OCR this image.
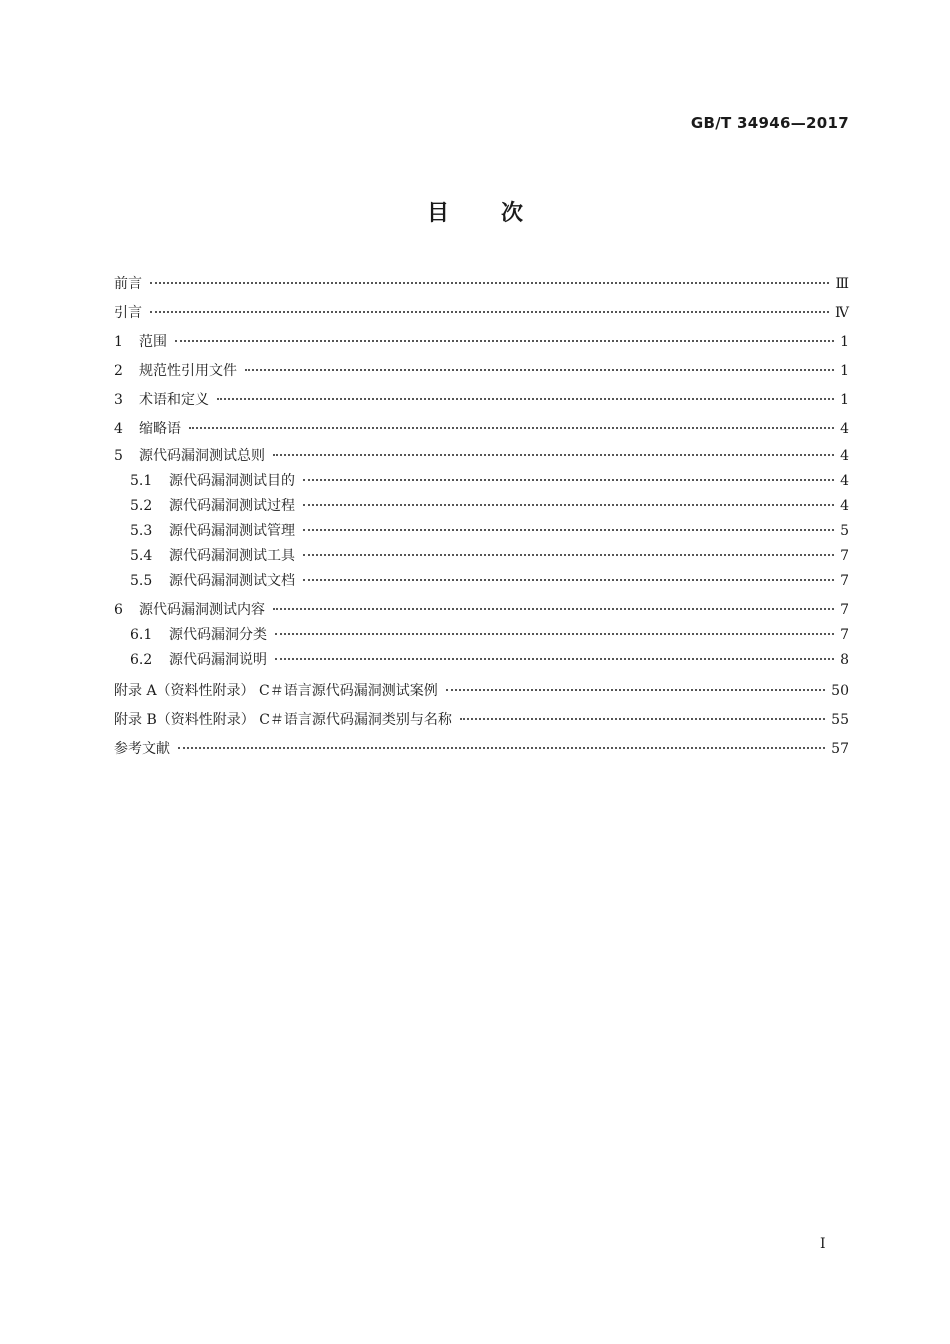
GB/T 34946—2017
目次
前言	Ⅲ
引言	Ⅳ
1	范围	1
2	规范性引用文件	1
3	术语和定义	1
4	缩略语	4
5	源代码漏洞测试总则	4
5.1	源代码漏洞测试目的	4
5.2	源代码漏洞测试过程	4
5.3	源代码漏洞测试管理	5
5.4	源代码漏洞测试工具	7
5.5	源代码漏洞测试文档	7
6	源代码漏洞测试内容	7
6.1	源代码漏洞分类	7
6.2	源代码漏洞说明	8
附录 A（资料性附录） C＃语言源代码漏洞测试案例	50
附录 B（资料性附录） C＃语言源代码漏洞类别与名称	55
参考文献	57
Ⅰ
